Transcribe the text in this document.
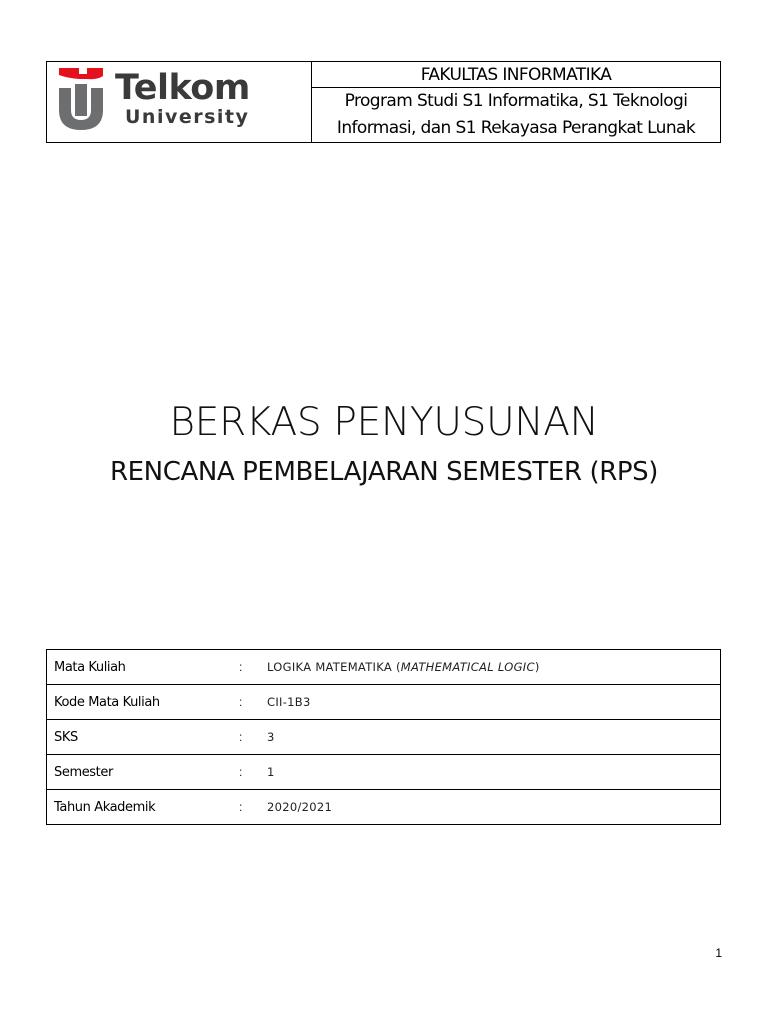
Telkom
University
FAKULTAS INFORMATIKA
Program Studi S1 Informatika, S1 Teknologi
Informasi, dan S1 Rekayasa Perangkat Lunak
BERKAS PENYUSUNAN
RENCANA PEMBELAJARAN SEMESTER (RPS)
Mata Kuliah	:	LOGIKA MATEMATIKA (MATHEMATICAL LOGIC)
Kode Mata Kuliah	:	CII-1B3
SKS	:	3
Semester	:	1
Tahun Akademik	:	2020/2021
1
